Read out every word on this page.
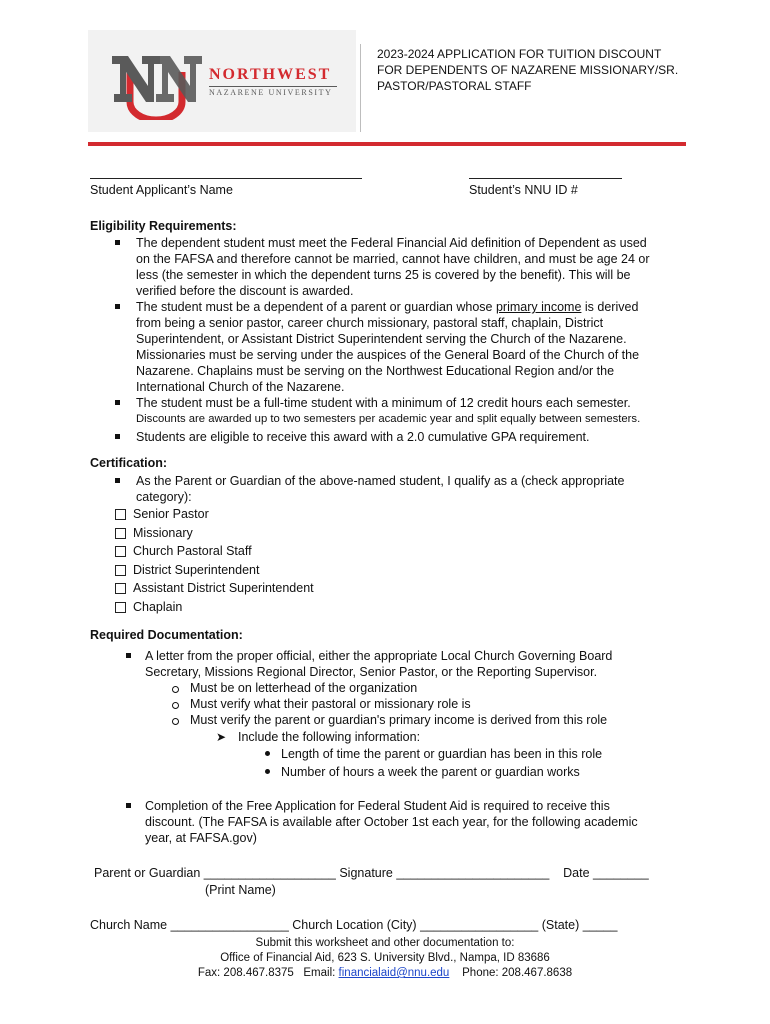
NORTHWEST
NAZARENE UNIVERSITY
2023-2024 APPLICATION FOR TUITION DISCOUNT
FOR DEPENDENTS OF NAZARENE MISSIONARY/SR.
PASTOR/PASTORAL STAFF
Student Applicant’s Name	Student’s NNU ID #
Eligibility Requirements:
The dependent student must meet the Federal Financial Aid definition of Dependent as used
on the FAFSA and therefore cannot be married, cannot have children, and must be age 24 or
less (the semester in which the dependent turns 25 is covered by the benefit). This will be
verified before the discount is awarded.
The student must be a dependent of a parent or guardian whose primary income is derived
from being a senior pastor, career church missionary, pastoral staff, chaplain, District
Superintendent, or Assistant District Superintendent serving the Church of the Nazarene.
Missionaries must be serving under the auspices of the General Board of the Church of the
Nazarene. Chaplains must be serving on the Northwest Educational Region and/or the
International Church of the Nazarene.
The student must be a full-time student with a minimum of 12 credit hours each semester.
Discounts are awarded up to two semesters per academic year and split equally between semesters.
Students are eligible to receive this award with a 2.0 cumulative GPA requirement.
Certification:
As the Parent or Guardian of the above-named student, I qualify as a (check appropriate
category):
Senior Pastor
Missionary
Church Pastoral Staff
District Superintendent
Assistant District Superintendent
Chaplain
Required Documentation:
A letter from the proper official, either the appropriate Local Church Governing Board
Secretary, Missions Regional Director, Senior Pastor, or the Reporting Supervisor.
Must be on letterhead of the organization
Must verify what their pastoral or missionary role is
Must verify the parent or guardian's primary income is derived from this role
➤ Include the following information:
Length of time the parent or guardian has been in this role
Number of hours a week the parent or guardian works
Completion of the Free Application for Federal Student Aid is required to receive this
discount. (The FAFSA is available after October 1st each year, for the following academic
year, at FAFSA.gov)
Parent or Guardian ___________________ Signature ______________________    Date ________
(Print Name)
Church Name _________________ Church Location (City) _________________ (State) _____
Submit this worksheet and other documentation to:
Office of Financial Aid, 623 S. University Blvd., Nampa, ID 83686
Fax: 208.467.8375 Email: financialaid@nnu.edu Phone: 208.467.8638
